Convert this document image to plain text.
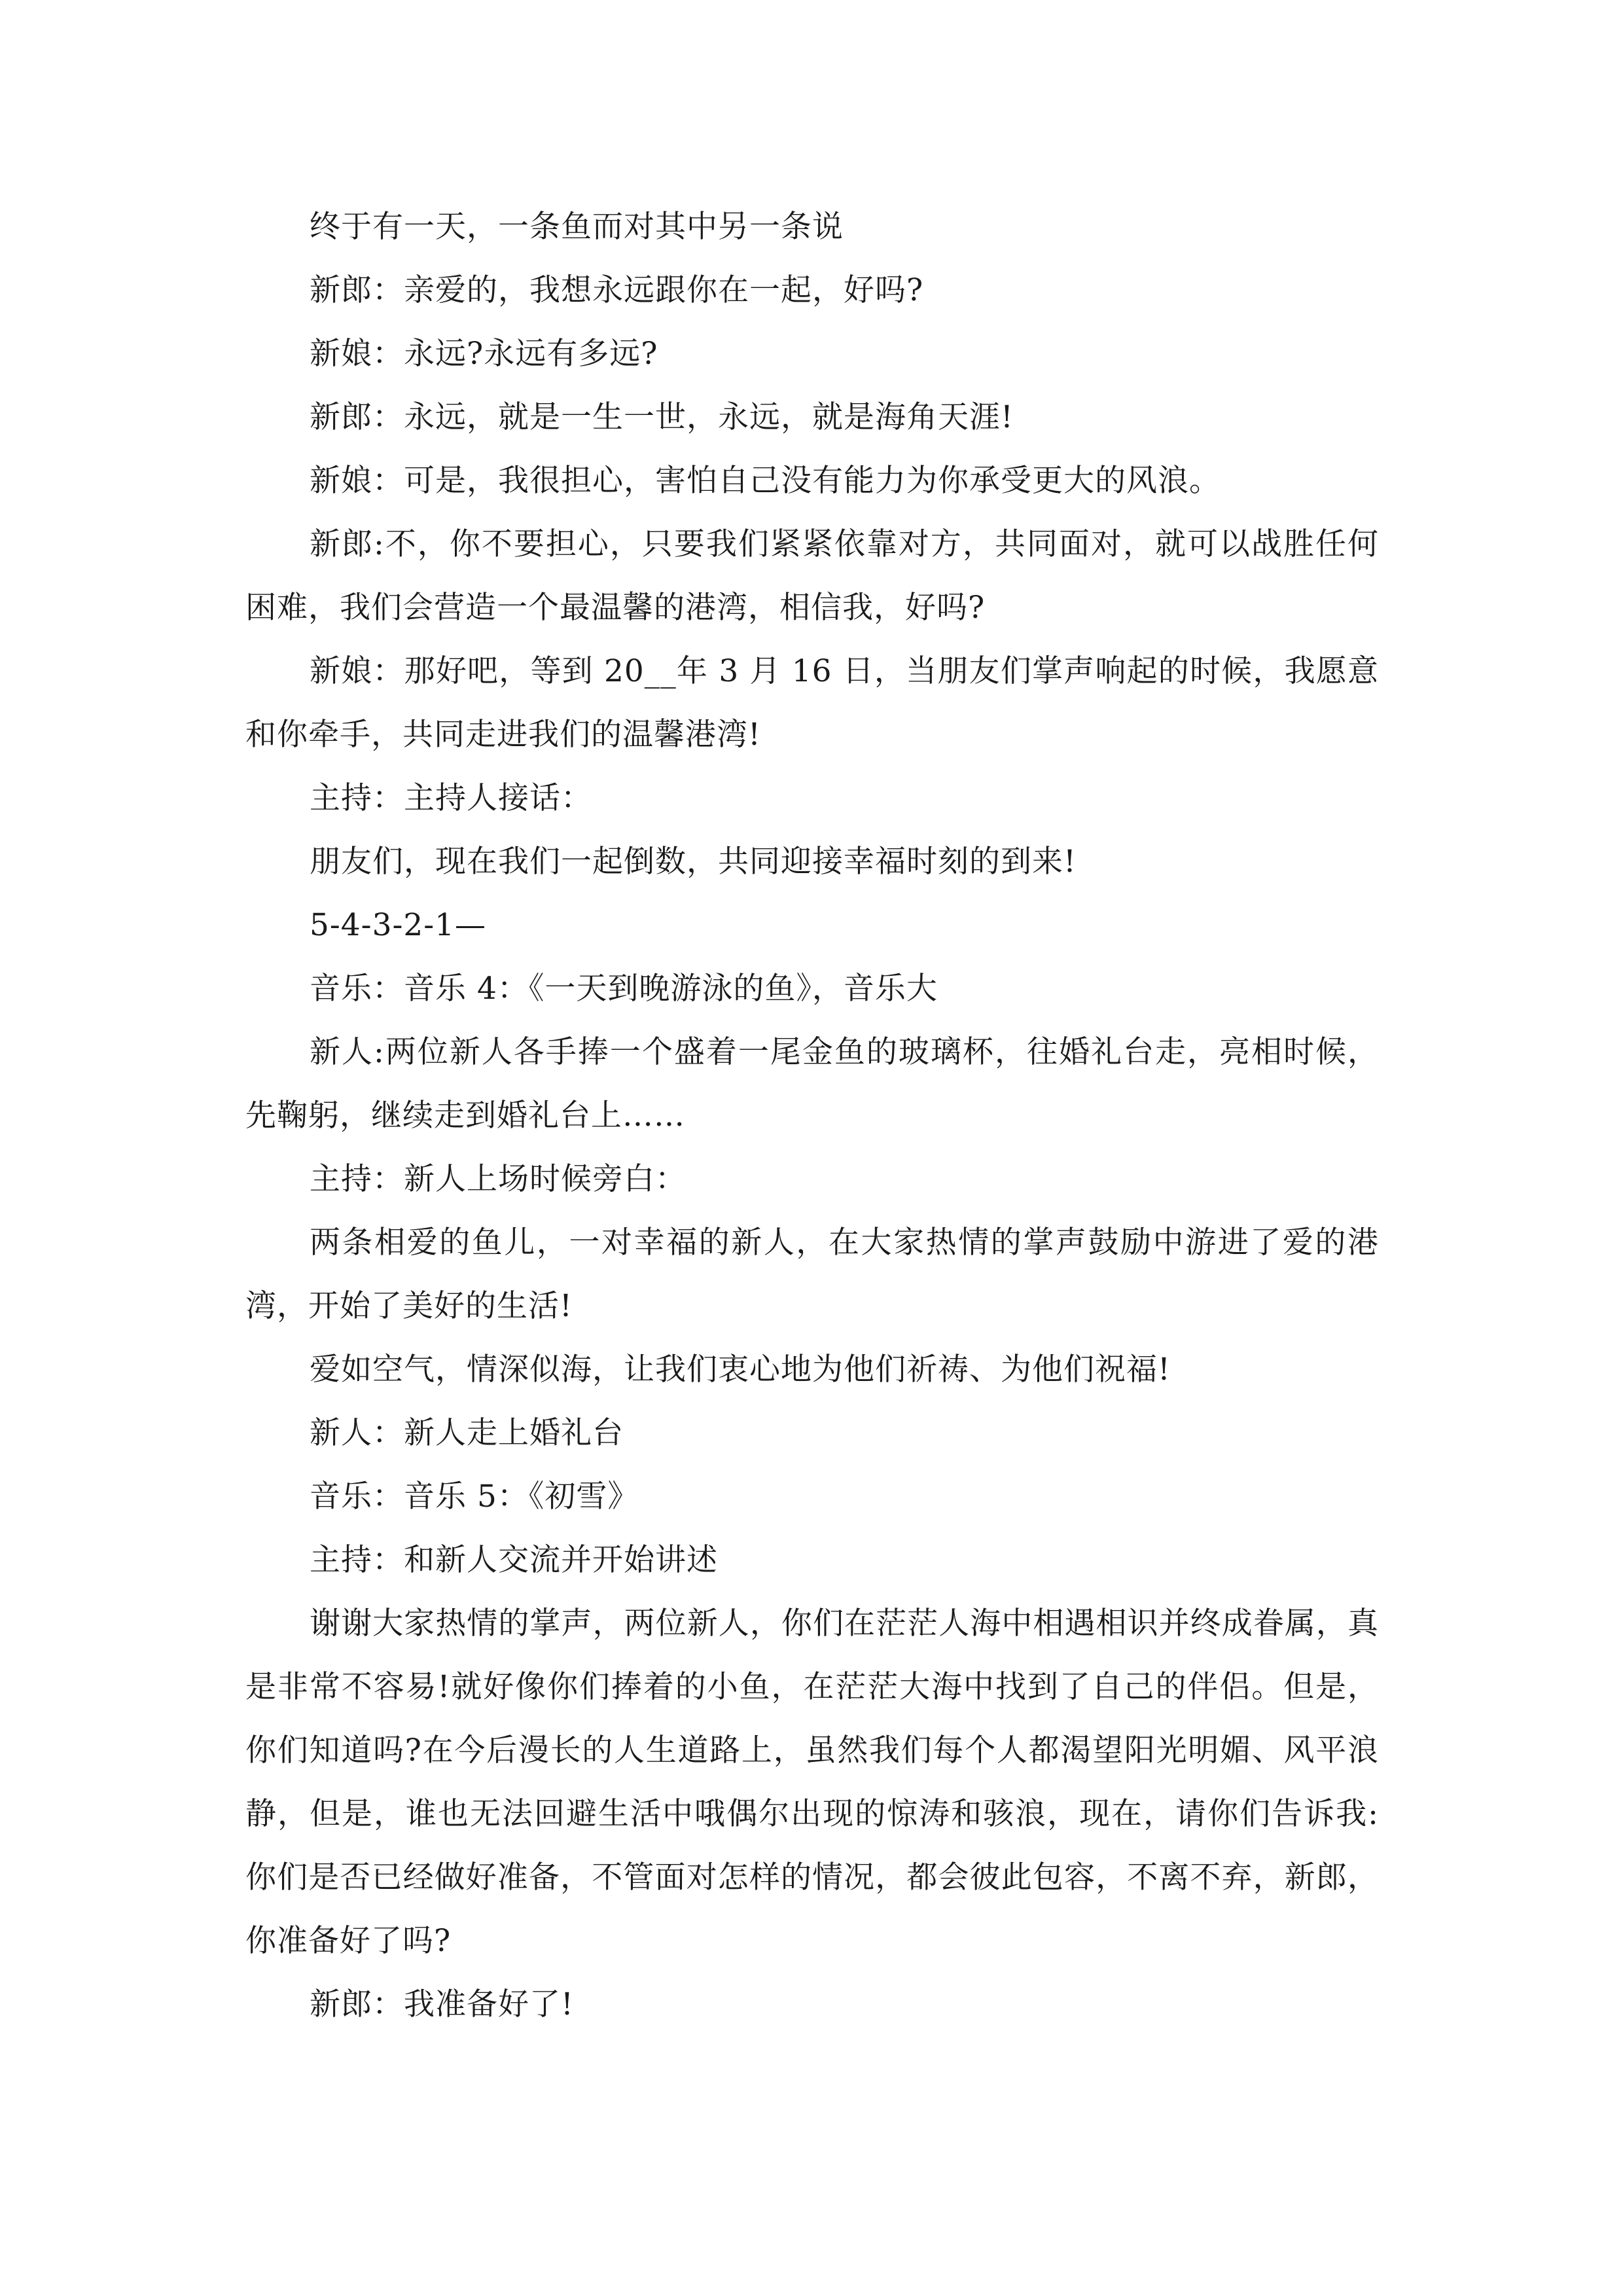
终于有一天，一条鱼而对其中另一条说

新郎：亲爱的，我想永远跟你在一起，好吗?

新娘：永远?永远有多远?

新郎：永远，就是一生一世，永远，就是海角天涯!

新娘：可是，我很担心，害怕自己没有能力为你承受更大的风浪。

新郎:不，你不要担心，只要我们紧紧依靠对方，共同面对，就可以战胜任何困难，我们会营造一个最温馨的港湾，相信我，好吗?

新娘：那好吧，等到 20__年 3 月 16 日，当朋友们掌声响起的时候，我愿意和你牵手，共同走进我们的温馨港湾!

主持：主持人接话：

朋友们，现在我们一起倒数，共同迎接幸福时刻的到来!

5-4-3-2-1—

音乐：音乐 4：《一天到晚游泳的鱼》，音乐大

新人:两位新人各手捧一个盛着一尾金鱼的玻璃杯，往婚礼台走，亮相时候，先鞠躬，继续走到婚礼台上……

主持：新人上场时候旁白：

两条相爱的鱼儿，一对幸福的新人，在大家热情的掌声鼓励中游进了爱的港湾，开始了美好的生活!

爱如空气，情深似海，让我们衷心地为他们祈祷、为他们祝福!

新人：新人走上婚礼台

音乐：音乐 5：《初雪》

主持：和新人交流并开始讲述

谢谢大家热情的掌声，两位新人，你们在茫茫人海中相遇相识并终成眷属，真是非常不容易!就好像你们捧着的小鱼，在茫茫大海中找到了自己的伴侣。但是，你们知道吗?在今后漫长的人生道路上，虽然我们每个人都渴望阳光明媚、风平浪静，但是，谁也无法回避生活中哦偶尔出现的惊涛和骇浪，现在，请你们告诉我:你们是否已经做好准备，不管面对怎样的情况，都会彼此包容，不离不弃，新郎，你准备好了吗?

新郎：我准备好了!
